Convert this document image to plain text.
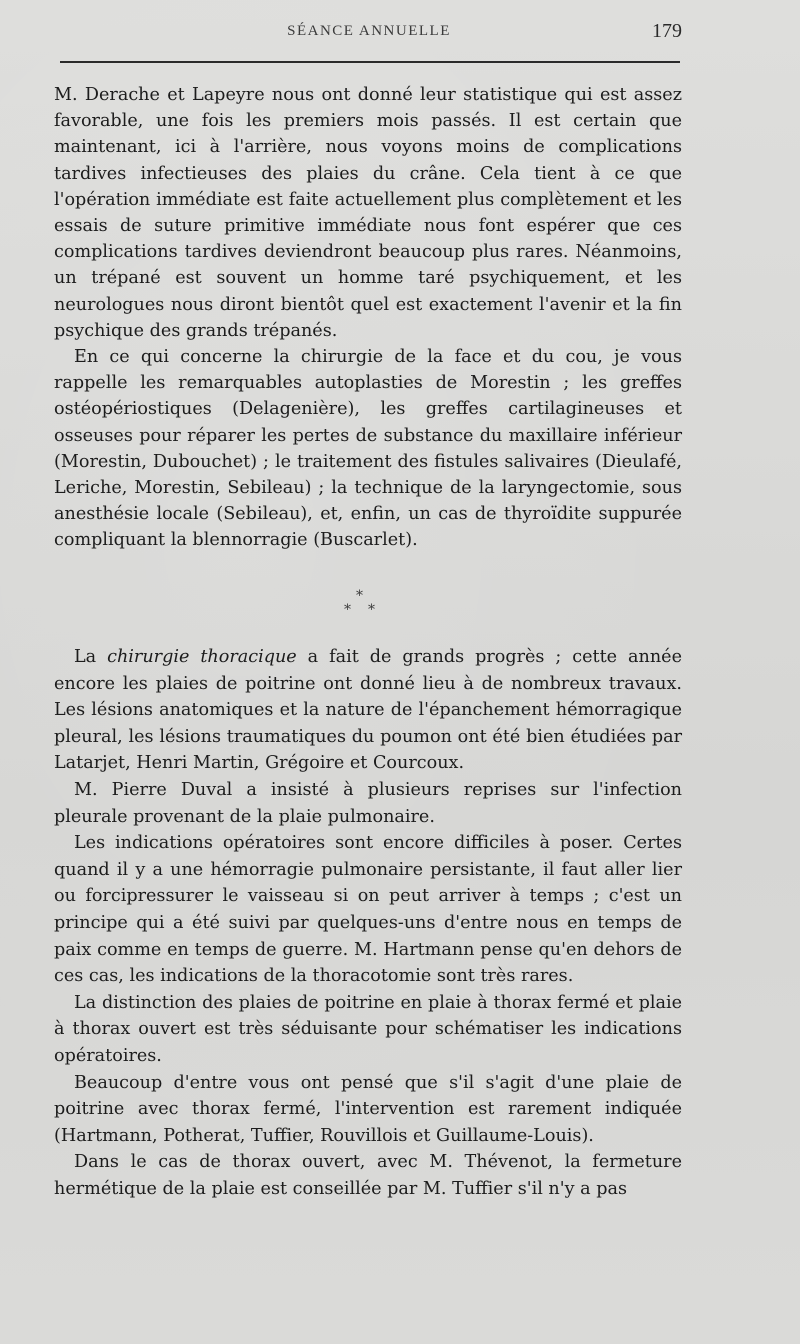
SÉANCE ANNUELLE	179

M. Derache et Lapeyre nous ont donné leur statistique qui est assez favorable, une fois les premiers mois passés. Il est certain que maintenant, ici à l'arrière, nous voyons moins de complications tardives infectieuses des plaies du crâne. Cela tient à ce que l'opération immédiate est faite actuellement plus complètement et les essais de suture primitive immédiate nous font espérer que ces complications tardives deviendront beaucoup plus rares. Néanmoins, un trépané est souvent un homme taré psychiquement, et les neurologues nous diront bientôt quel est exactement l'avenir et la fin psychique des grands trépanés.

En ce qui concerne la chirurgie de la face et du cou, je vous rappelle les remarquables autoplasties de Morestin ; les greffes ostéopériostiques (Delagenière), les greffes cartilagineuses et osseuses pour réparer les pertes de substance du maxillaire inférieur (Morestin, Dubouchet) ; le traitement des fistules salivaires (Dieulafé, Leriche, Morestin, Sebileau) ; la technique de la laryngectomie, sous anesthésie locale (Sebileau), et, enfin, un cas de thyroïdite suppurée compliquant la blennorragie (Buscarlet).

*
* *

La chirurgie thoracique a fait de grands progrès ; cette année encore les plaies de poitrine ont donné lieu à de nombreux travaux. Les lésions anatomiques et la nature de l'épanchement hémorragique pleural, les lésions traumatiques du poumon ont été bien étudiées par Latarjet, Henri Martin, Grégoire et Courcoux.

M. Pierre Duval a insisté à plusieurs reprises sur l'infection pleurale provenant de la plaie pulmonaire.

Les indications opératoires sont encore difficiles à poser. Certes quand il y a une hémorragie pulmonaire persistante, il faut aller lier ou forcipressurer le vaisseau si on peut arriver à temps ; c'est un principe qui a été suivi par quelques-uns d'entre nous en temps de paix comme en temps de guerre. M. Hartmann pense qu'en dehors de ces cas, les indications de la thoracotomie sont très rares.

La distinction des plaies de poitrine en plaie à thorax fermé et plaie à thorax ouvert est très séduisante pour schématiser les indications opératoires.

Beaucoup d'entre vous ont pensé que s'il s'agit d'une plaie de poitrine avec thorax fermé, l'intervention est rarement indiquée (Hartmann, Potherat, Tuffier, Rouvillois et Guillaume-Louis).

Dans le cas de thorax ouvert, avec M. Thévenot, la fermeture hermétique de la plaie est conseillée par M. Tuffier s'il n'y a pas
